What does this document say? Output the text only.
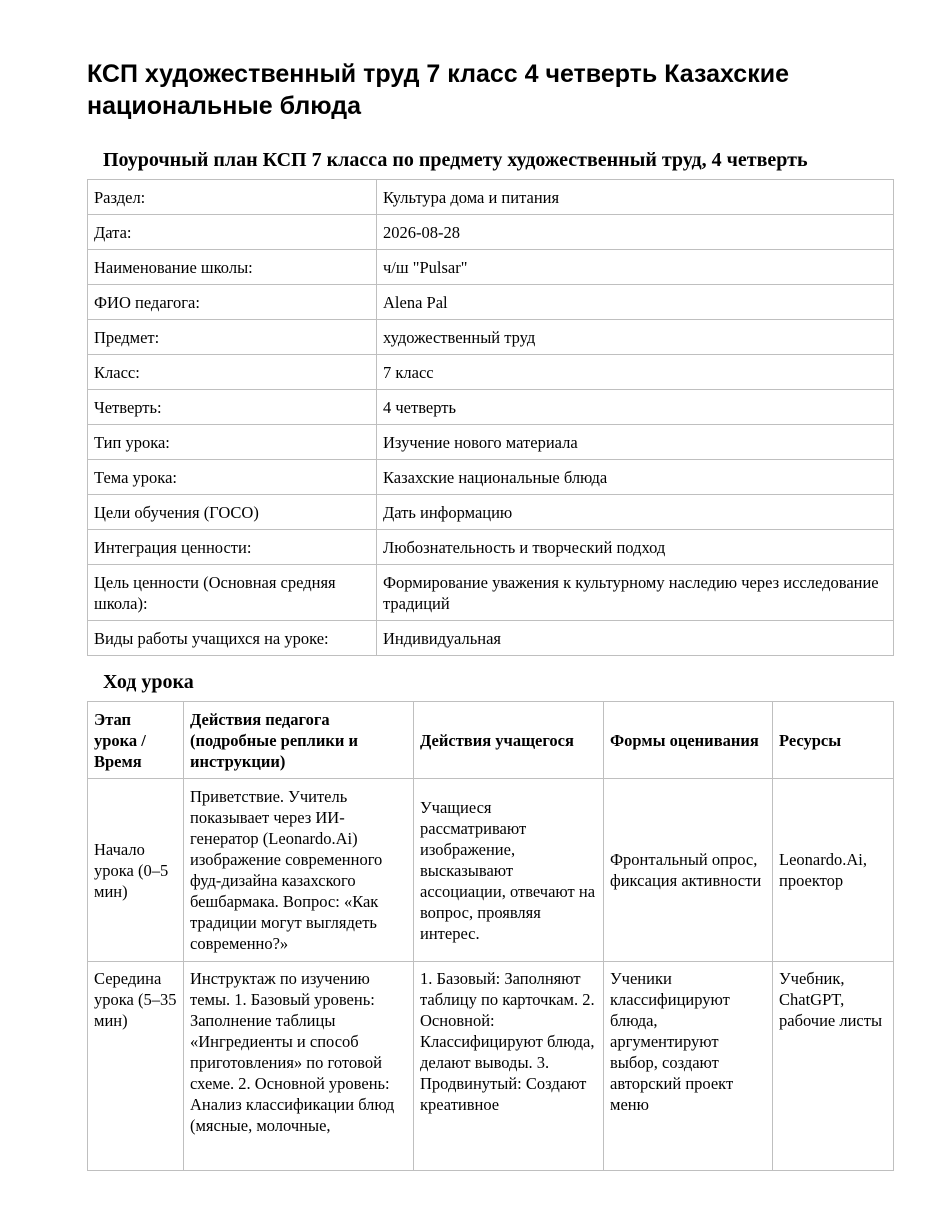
КСП художественный труд 7 класс 4 четверть Казахские национальные блюда
Поурочный план КСП 7 класса по предмету художественный труд, 4 четверть
Раздел:	Культура дома и питания
Дата:	2026-08-28
Наименование школы:	ч/ш "Pulsar"
ФИО педагога:	Alena Pal
Предмет:	художественный труд
Класс:	7 класс
Четверть:	4 четверть
Тип урока:	Изучение нового материала
Тема урока:	Казахские национальные блюда
Цели обучения (ГОСО)	Дать информацию
Интеграция ценности:	Любознательность и творческий подход
Цель ценности (Основная средняя школа):	Формирование уважения к культурному наследию через исследование традиций
Виды работы учащихся на уроке:	Индивидуальная
Ход урока
Этап урока / Время	Действия педагога (подробные реплики и инструкции)	Действия учащегося	Формы оценивания	Ресурсы
Начало урока (0–5 мин)	Приветствие. Учитель показывает через ИИ-генератор (Leonardo.Ai) изображение современного фуд-дизайна казахского бешбармака. Вопрос: «Как традиции могут выглядеть современно?»	Учащиеся рассматривают изображение, высказывают ассоциации, отвечают на вопрос, проявляя интерес.	Фронтальный опрос, фиксация активности	Leonardo.Ai, проектор

Середина урока (5–35 мин)	Инструктаж по изучению темы. 1. Базовый уровень: Заполнение таблицы «Ингредиенты и способ приготовления» по готовой схеме. 2. Основной уровень: Анализ классификации блюд (мясные, молочные,	1. Базовый: Заполняют таблицу по карточкам. 2. Основной: Классифицируют блюда, делают выводы. 3. Продвинутый: Создают креативное	Ученики классифицируют блюда, аргументируют выбор, создают авторский проект меню	Учебник, ChatGPT, рабочие листы
